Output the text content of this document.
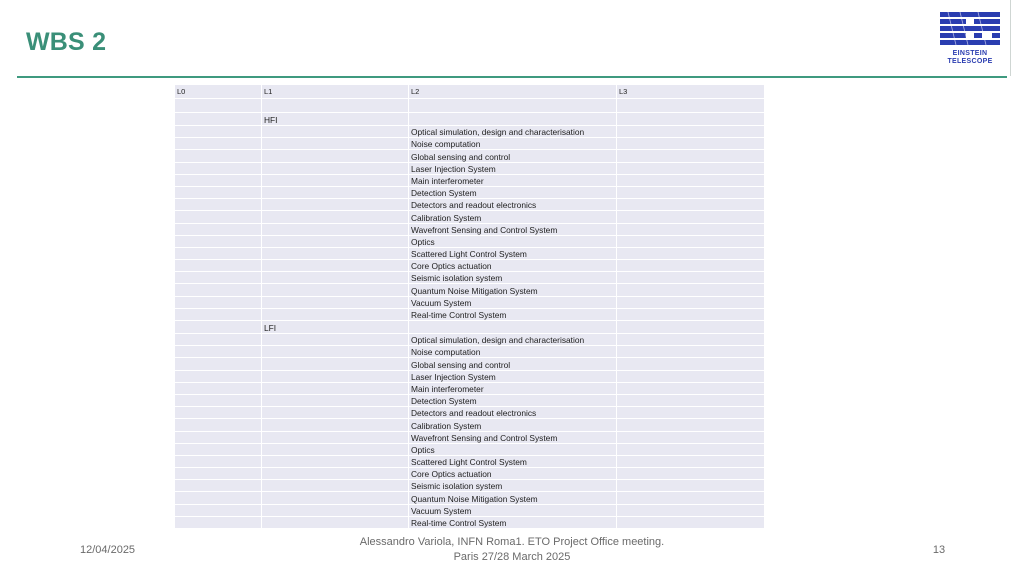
WBS 2	EINSTEIN
TELESCOPE
L0	L1	L2	L3

	HFI		
		Optical simulation, design and characterisation	
		Noise computation	
		Global sensing and control	
		Laser Injection System	
		Main interferometer	
		Detection System	
		Detectors and readout electronics	
		Calibration System	
		Wavefront Sensing and Control System	
		Optics	
		Scattered Light Control System	
		Core Optics actuation	
		Seismic isolation system	
		Quantum Noise Mitigation System	
		Vacuum System	
		Real-time Control System	
	LFI		
		Optical simulation, design and characterisation	
		Noise computation	
		Global sensing and control	
		Laser Injection System	
		Main interferometer	
		Detection System	
		Detectors and readout electronics	
		Calibration System	
		Wavefront Sensing and Control System	
		Optics	
		Scattered Light Control System	
		Core Optics actuation	
		Seismic isolation system	
		Quantum Noise Mitigation System	
		Vacuum System	
		Real-time Control System	
12/04/2025
Alessandro Variola, INFN Roma1. ETO Project Office meeting.
Paris 27/28 March 2025
13
